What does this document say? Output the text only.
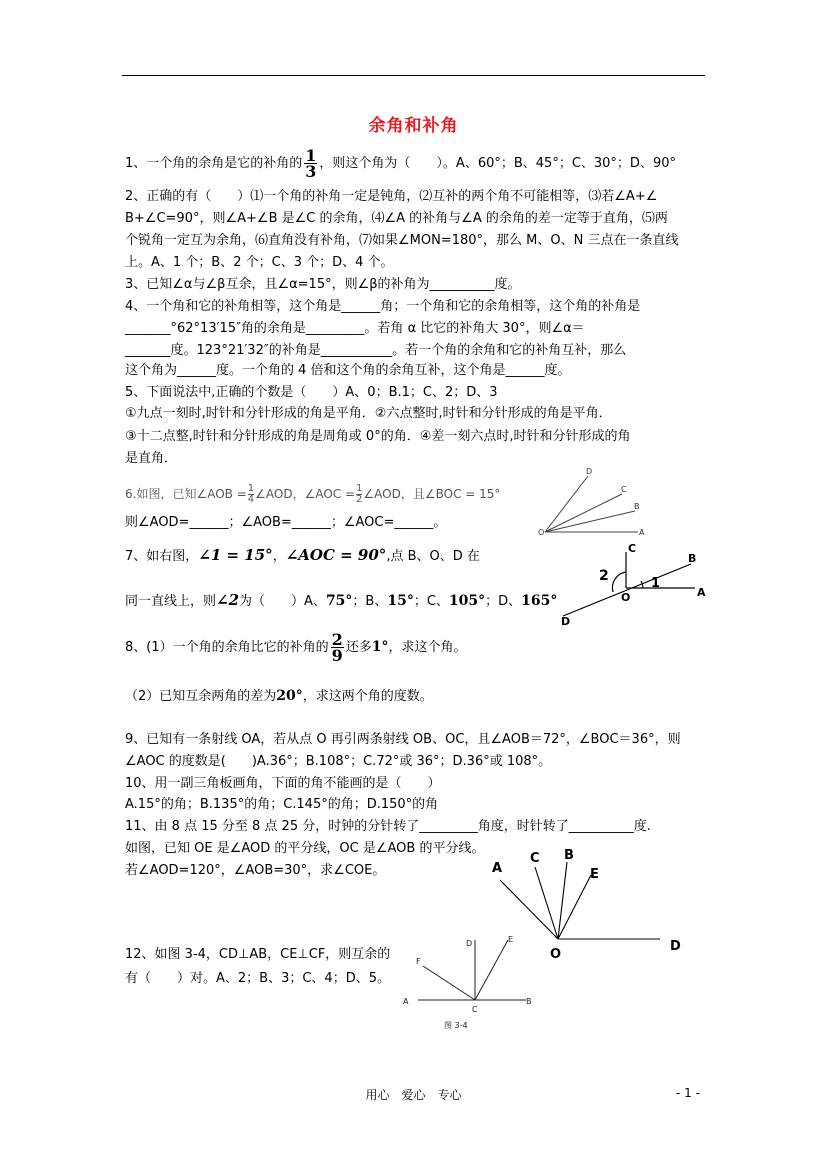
余角和补角
1、一个角的余角是它的补角的 $\frac{1}{3}$ ，则这个角为（　　）。A、60°；B、45°；C、30°；D、90°
2、正确的有（　　）⑴一个角的补角一定是钝角，⑵互补的两个角不可能相等，⑶若∠A+∠
B+∠C=90°，则∠A+∠B 是∠C 的余角，⑷∠A 的补角与∠A 的余角的差一定等于直角，⑸两
个锐角一定互为余角，⑹直角没有补角，⑺如果∠MON=180°，那么 M、O、N 三点在一条直线
上。A、1 个；B、2 个；C、3 个；D、4 个。
3、已知∠α与∠β互余，且∠α=15°，则∠β的补角为__________度。
4、一个角和它的补角相等，这个角是______角；一个角和它的余角相等，这个角的补角是
_______°62°13′15″角的余角是_________。若角 α 比它的补角大 30°，则∠α＝
_______度。123°21′32″的补角是___________。若一个角的余角和它的补角互补，那么
这个角为______度。一个角的 4 倍和这个角的余角互补，这个角是______度。
5、下面说法中,正确的个数是（　　）A、0；B.1；C、2；D、3
①九点一刻时,时针和分针形成的角是平角．②六点整时,时针和分针形成的角是平角．
③十二点整,时针和分针形成的角是周角或 0°的角．④差一刻六点时,时针和分针形成的角
是直角．
6.如图，已知∠AOB = $\frac{1}{4}\angle AOD$，∠AOC = $\frac{1}{2}\angle AOD$，且∠BOC = 15°
则∠AOD=______；∠AOB=______；∠AOC=______。
D
C
B
A
O
7、如右图，∠1 = 15°，∠AOC = 90°,点 B、O、D 在
同一直线上，则∠2为（　　）A、75°；B、15°；C、105°；D、165°
C
B
A
O
D
1
2
8、(1）一个角的余角比它的补角的 $\frac{2}{9}$ 还多1°，求这个角。
（2）已知互余两角的差为20°，求这两个角的度数。
9、已知有一条射线 OA，若从点 O 再引两条射线 OB、OC，且∠AOB＝72°，∠BOC＝36°，则
∠AOC 的度数是(　　)A.36°；B.108°；C.72°或 36°；D.36°或 108°。
10、用一副三角板画角，下面的角不能画的是（　　）
A.15°的角；B.135°的角；C.145°的角；D.150°的角
11、由 8 点 15 分至 8 点 25 分，时钟的分针转了_________角度，时针转了__________度.
如图，已知 OE 是∠AOD 的平分线，OC 是∠AOB 的平分线。
若∠AOD=120°，∠AOB=30°，求∠COE。	A
C B
E
O
D
12、如图 3-4，CD⊥AB，CE⊥CF，则互余的
有（　　）对。A、2；B、3；C、4；D、5。
D	E
F
A	B
C
图 3-4
用心　爱心　专心	- 1 -
